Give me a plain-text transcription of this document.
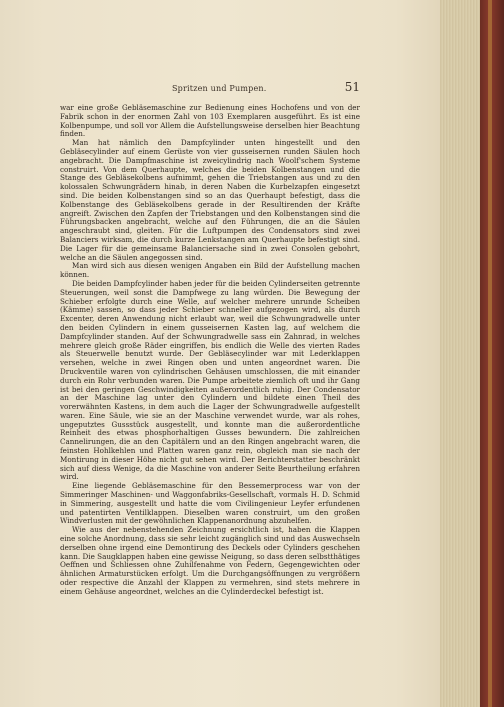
Spritzen und Pumpen.	51

war eine große Gebläsemaschine zur Bedienung eines Hochofens und von der Fabrik schon in der enormen Zahl von 103 Exemplaren ausgeführt. Es ist eine Kolbenpumpe, und soll vor Allem die Aufstellungsweise derselben hier Beachtung finden.

Man hat nämlich den Dampfcylinder unten hingestellt und den Gebläsecylinder auf einem Gerüste von vier gusseisernen runden Säulen hoch angebracht. Die Dampfmaschine ist zweicylindrig nach Woolf'schem Systeme construirt. Von dem Querhaupte, welches die beiden Kolbenstangen und die Stange des Gebläsekolbens aufnimmt, gehen die Triebstangen aus und zu den kolossalen Schwungrädern hinab, in deren Naben die Kurbelzapfen eingesetzt sind. Die beiden Kolbenstangen sind so an das Querhaupt befestigt, dass die Kolbenstange des Gebläsekolbens gerade in der Resultirenden der Kräfte angreift. Zwischen den Zapfen der Triebstangen und den Kolbenstangen sind die Führungsbacken angebracht, welche auf den Führungen, die an die Säulen angeschraubt sind, gleiten. Für die Luftpumpen des Condensators sind zwei Balanciers wirksam, die durch kurze Lenkstangen am Querhaupte befestigt sind. Die Lager für die gemeinsame Balanciersache sind in zwei Consolen gebohrt, welche an die Säulen angegossen sind.

Man wird sich aus diesen wenigen Angaben ein Bild der Aufstellung machen können.

Die beiden Dampfcylinder haben jeder für die beiden Cylinderseiten getrennte Steuerungen, weil sonst die Dampfwege zu lang würden. Die Bewegung der Schieber erfolgte durch eine Welle, auf welcher mehrere unrunde Scheiben (Kämme) sassen, so dass jeder Schieber schneller aufgezogen wird, als durch Excenter, deren Anwendung nicht erlaubt war, weil die Schwungradwelle unter den beiden Cylindern in einem gusseisernen Kasten lag, auf welchem die Dampfcylinder standen. Auf der Schwungradwelle sass ein Zahnrad, in welches mehrere gleich große Räder eingriffen, bis endlich die Welle des vierten Rades als Steuerwelle benutzt wurde. Der Gebläsecylinder war mit Lederklappen versehen, welche in zwei Ringen oben und unten angeordnet waren. Die Druckventile waren von cylindrischen Gehäusen umschlossen, die mit einander durch ein Rohr verbunden waren. Die Pumpe arbeitete ziemlich oft und ihr Gang ist bei den geringen Geschwindigkeiten außerordentlich ruhig. Der Condensator an der Maschine lag unter den Cylindern und bildete einen Theil des vorerwähnten Kastens, in dem auch die Lager der Schwungradwelle aufgestellt waren. Eine Säule, wie sie an der Maschine verwendet wurde, war als rohes, ungeputztes Gussstück ausgestellt, und konnte man die außerordentliche Reinheit des etwas phosphorhaltigen Gusses bewundern. Die zahlreichen Cannelirungen, die an den Capitälern und an den Ringen angebracht waren, die feinsten Hohlkehlen und Platten waren ganz rein, obgleich man sie nach der Montirung in dieser Höhe nicht gut sehen wird. Der Berichterstatter beschränkt sich auf diess Wenige, da die Maschine von anderer Seite Beurtheilung erfahren wird.

Eine liegende Gebläsemaschine für den Bessemerprocess war von der Simmeringer Maschinen- und Waggonfabriks-Gesellschaft, vormals H. D. Schmid in Simmering, ausgestellt und hatte die vom Civilingenieur Leyfer erfundenen und patentirten Ventilklappen. Dieselben waren construirt, um den großen Windverlusten mit der gewöhnlichen Klappenanordnung abzuhelfen.

Wie aus der nebenstehenden Zeichnung ersichtlich ist, haben die Klappen eine solche Anordnung, dass sie sehr leicht zugänglich sind und das Auswechseln derselben ohne irgend eine Demontirung des Deckels oder Cylinders geschehen kann. Die Saugklappen haben eine gewisse Neigung, so dass deren selbstthätiges Oeffnen und Schliessen ohne Zuhilfenahme von Federn, Gegengewichten oder ähnlichen Armaturstücken erfolgt. Um die Durchgangsöffnungen zu vergrößern oder respective die Anzahl der Klappen zu vermehren, sind stets mehrere in einem Gehäuse angeordnet, welches an die Cylinderdeckel befestigt ist.
